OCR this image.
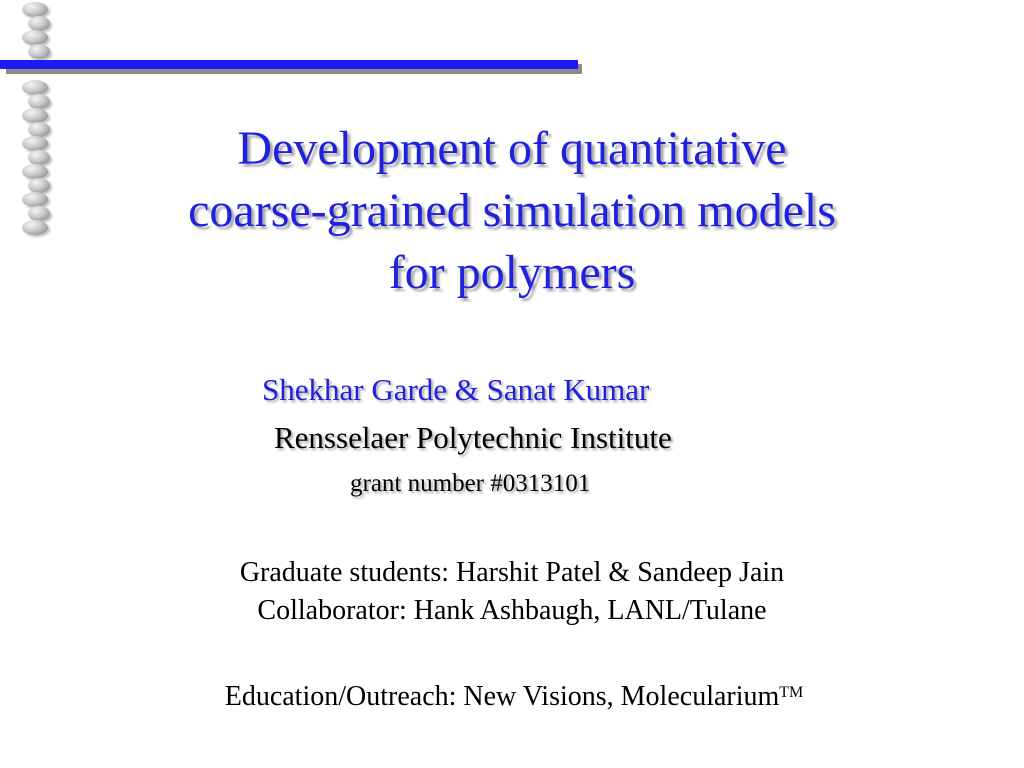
Development of quantitative
coarse-grained simulation models
for polymers

Shekhar Garde & Sanat Kumar

Rensselaer Polytechnic Institute

grant number #0313101

Graduate students: Harshit Patel & Sandeep Jain

Collaborator: Hank Ashbaugh, LANL/Tulane

Education/Outreach: New Visions, Molecularium™
